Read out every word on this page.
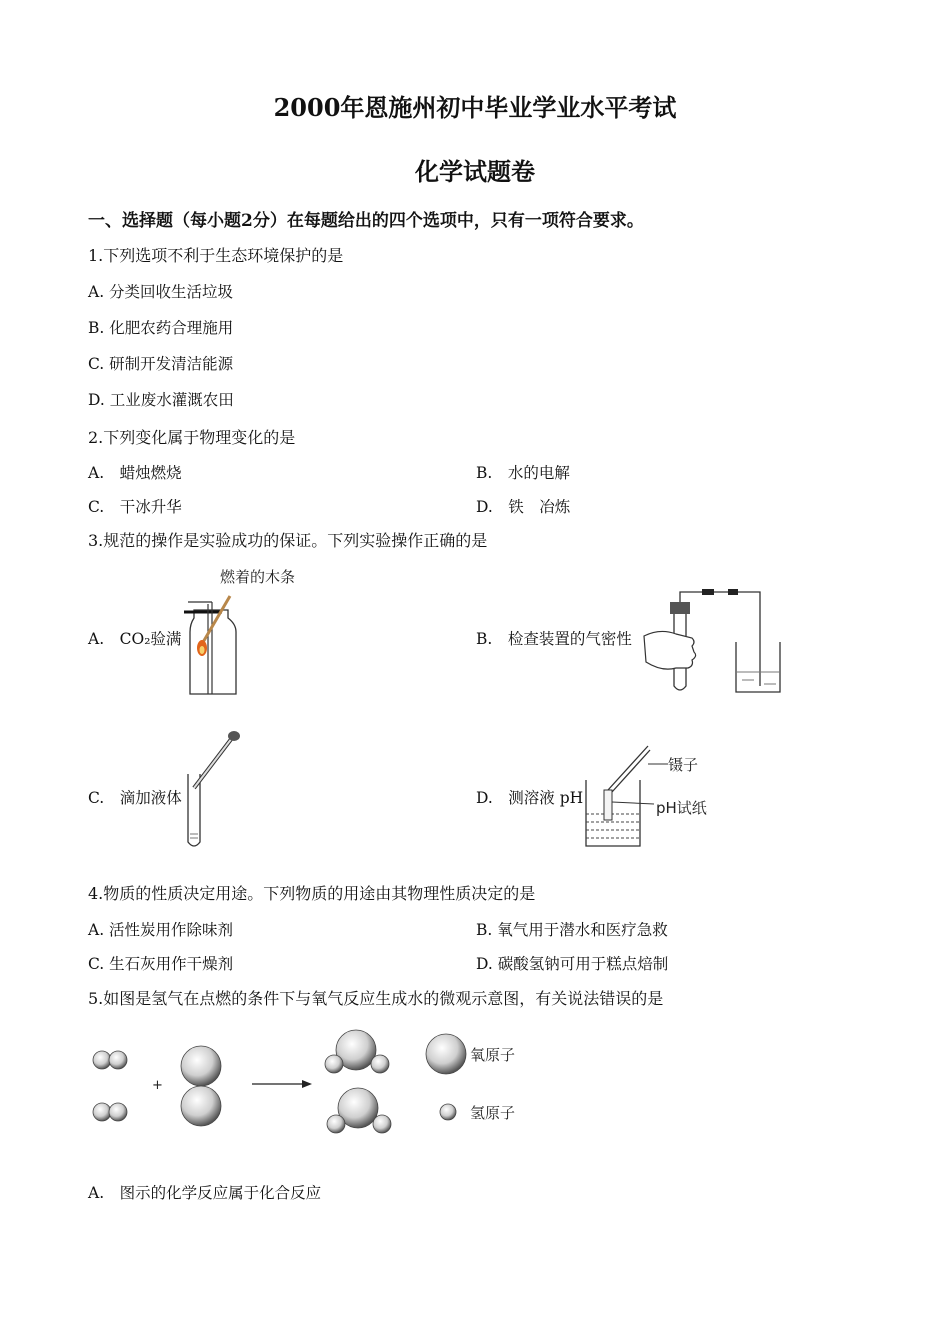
2000年恩施州初中毕业学业水平考试
化学试题卷
一、选择题（每小题2分）在每题给出的四个选项中，只有一项符合要求。
1.下列选项不利于生态环境保护的是
A. 分类回收生活垃圾
B. 化肥农药合理施用
C. 研制开发清洁能源
D. 工业废水灌溉农田
2.下列变化属于物理变化的是
A.　蜡烛燃烧	B.　水的电解
C.　干冰升华	D.　铁　冶炼
3.规范的操作是实验成功的保证。下列实验操作正确的是
燃着的木条
A.　CO₂验满	B.　检查装置的气密性
C.　滴加液体	D.　测溶液 pH
镊子
pH试纸
4.物质的性质决定用途。下列物质的用途由其物理性质决定的是
A. 活性炭用作除味剂	B. 氧气用于潜水和医疗急救
C. 生石灰用作干燥剂	D. 碳酸氢钠可用于糕点焙制
5.如图是氢气在点燃的条件下与氧气反应生成水的微观示意图，有关说法错误的是
+
氧原子
氢原子
A.　图示的化学反应属于化合反应
